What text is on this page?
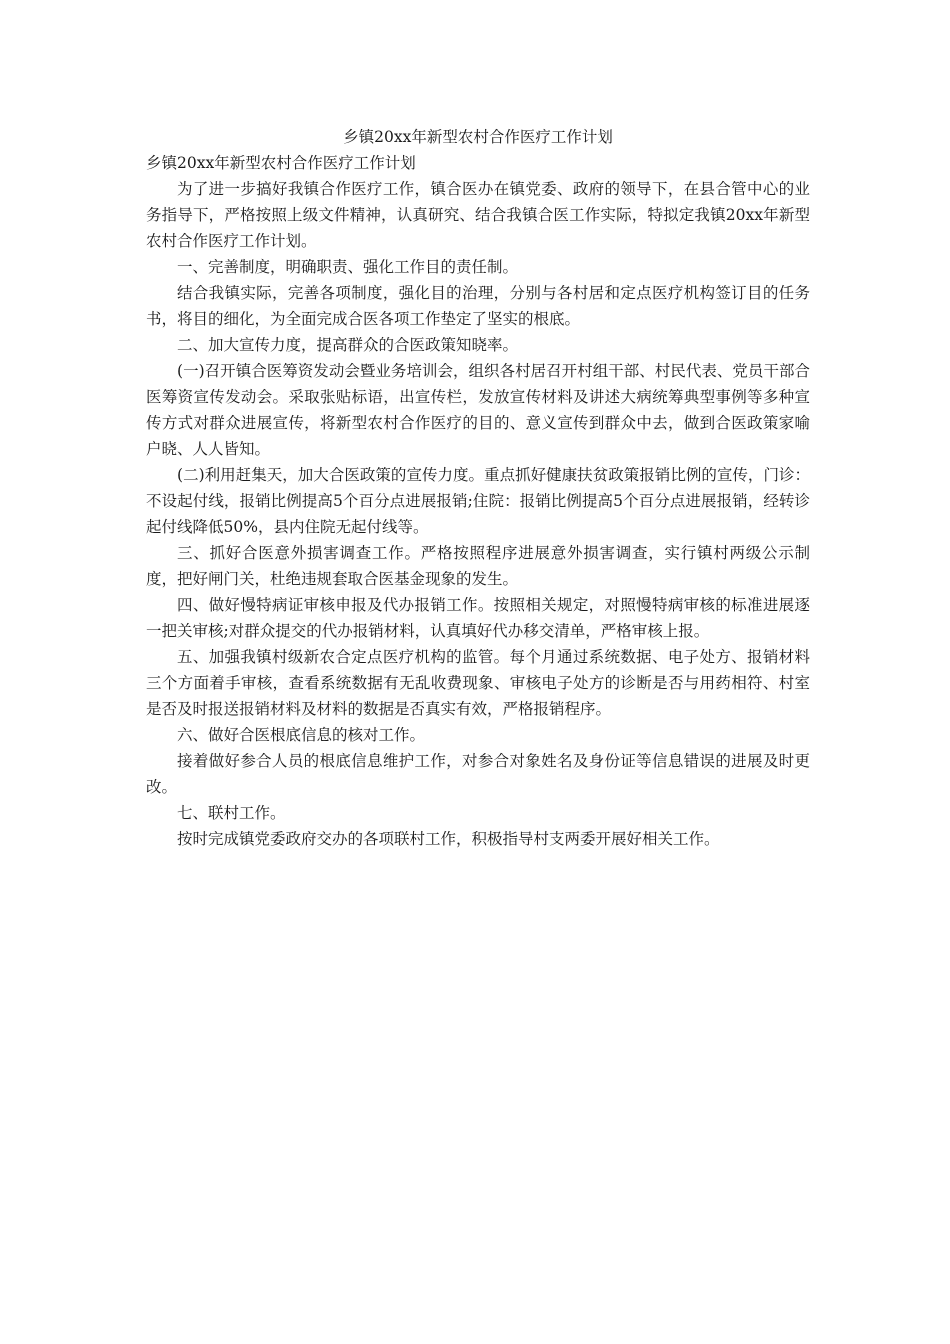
乡镇20xx年新型农村合作医疗工作计划

乡镇20xx年新型农村合作医疗工作计划

为了进一步搞好我镇合作医疗工作，镇合医办在镇党委、政府的领导下，在县合管中心的业务指导下，严格按照上级文件精神，认真研究、结合我镇合医工作实际，特拟定我镇20xx年新型农村合作医疗工作计划。

一、完善制度，明确职责、强化工作目的责任制。

结合我镇实际，完善各项制度，强化目的治理，分别与各村居和定点医疗机构签订目的任务书，将目的细化，为全面完成合医各项工作垫定了坚实的根底。

二、加大宣传力度，提高群众的合医政策知晓率。

(一)召开镇合医筹资发动会暨业务培训会，组织各村居召开村组干部、村民代表、党员干部合医筹资宣传发动会。采取张贴标语，出宣传栏，发放宣传材料及讲述大病统筹典型事例等多种宣传方式对群众进展宣传，将新型农村合作医疗的目的、意义宣传到群众中去，做到合医政策家喻户晓、人人皆知。

(二)利用赶集天，加大合医政策的宣传力度。重点抓好健康扶贫政策报销比例的宣传，门诊：不设起付线，报销比例提高5个百分点进展报销;住院：报销比例提高5个百分点进展报销，经转诊起付线降低50%，县内住院无起付线等。

三、抓好合医意外损害调查工作。严格按照程序进展意外损害调查，实行镇村两级公示制度，把好闸门关，杜绝违规套取合医基金现象的发生。

四、做好慢特病证审核申报及代办报销工作。按照相关规定，对照慢特病审核的标准进展逐一把关审核;对群众提交的代办报销材料，认真填好代办移交清单，严格审核上报。

五、加强我镇村级新农合定点医疗机构的监管。每个月通过系统数据、电子处方、报销材料三个方面着手审核，查看系统数据有无乱收费现象、审核电子处方的诊断是否与用药相符、村室是否及时报送报销材料及材料的数据是否真实有效，严格报销程序。

六、做好合医根底信息的核对工作。

接着做好参合人员的根底信息维护工作，对参合对象姓名及身份证等信息错误的进展及时更改。

七、联村工作。

按时完成镇党委政府交办的各项联村工作，积极指导村支两委开展好相关工作。
